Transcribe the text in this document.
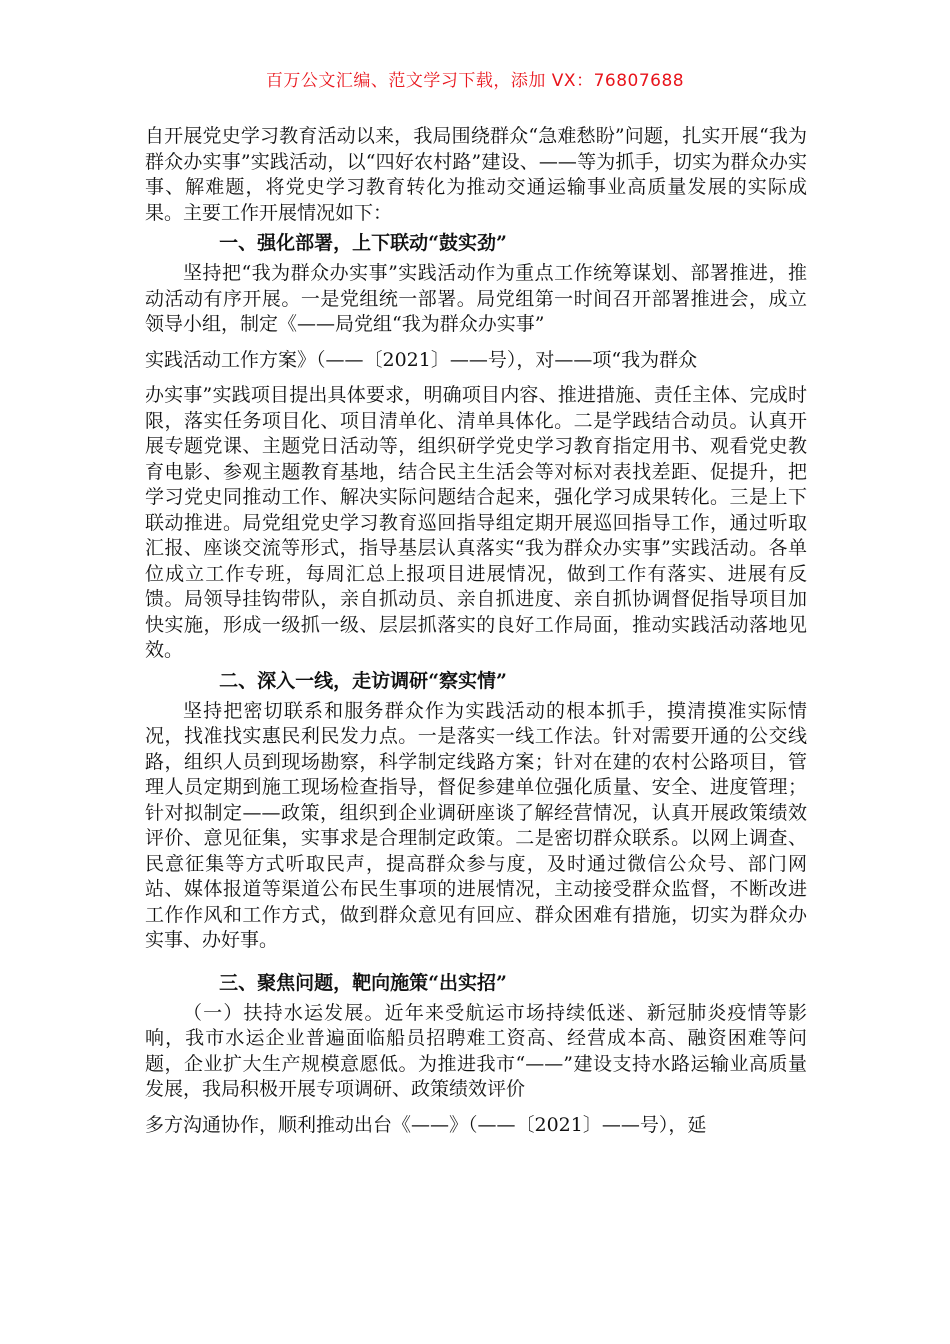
百万公文汇编、范文学习下载，添加 VX：76807688

自开展党史学习教育活动以来，我局围绕群众“急难愁盼”问题，扎实开展“我为群众办实事”实践活动，以“四好农村路”建设、——等为抓手，切实为群众办实事、解难题，将党史学习教育转化为推动交通运输事业高质量发展的实际成果。主要工作开展情况如下：

一、强化部署，上下联动“鼓实劲”

坚持把“我为群众办实事”实践活动作为重点工作统筹谋划、部署推进，推动活动有序开展。一是党组统一部署。局党组第一时间召开部署推进会，成立领导小组，制定《——局党组“我为群众办实事”

实践活动工作方案》（——〔2021〕——号），对——项“我为群众

办实事”实践项目提出具体要求，明确项目内容、推进措施、责任主体、完成时限，落实任务项目化、项目清单化、清单具体化。二是学践结合动员。认真开展专题党课、主题党日活动等，组织研学党史学习教育指定用书、观看党史教育电影、参观主题教育基地，结合民主生活会等对标对表找差距、促提升，把学习党史同推动工作、解决实际问题结合起来，强化学习成果转化。三是上下联动推进。局党组党史学习教育巡回指导组定期开展巡回指导工作，通过听取汇报、座谈交流等形式，指导基层认真落实“我为群众办实事”实践活动。各单位成立工作专班，每周汇总上报项目进展情况，做到工作有落实、进展有反馈。局领导挂钩带队，亲自抓动员、亲自抓进度、亲自抓协调督促指导项目加快实施，形成一级抓一级、层层抓落实的良好工作局面，推动实践活动落地见效。

二、深入一线，走访调研“察实情”

坚持把密切联系和服务群众作为实践活动的根本抓手，摸清摸准实际情况，找准找实惠民利民发力点。一是落实一线工作法。针对需要开通的公交线路，组织人员到现场勘察，科学制定线路方案；针对在建的农村公路项目，管理人员定期到施工现场检查指导，督促参建单位强化质量、安全、进度管理；针对拟制定——政策，组织到企业调研座谈了解经营情况，认真开展政策绩效评价、意见征集，实事求是合理制定政策。二是密切群众联系。以网上调查、民意征集等方式听取民声，提高群众参与度，及时通过微信公众号、部门网站、媒体报道等渠道公布民生事项的进展情况，主动接受群众监督，不断改进工作作风和工作方式，做到群众意见有回应、群众困难有措施，切实为群众办实事、办好事。

三、聚焦问题，靶向施策“出实招”

（一）扶持水运发展。近年来受航运市场持续低迷、新冠肺炎疫情等影响，我市水运企业普遍面临船员招聘难工资高、经营成本高、融资困难等问题，企业扩大生产规模意愿低。为推进我市“——”建设支持水路运输业高质量发展，我局积极开展专项调研、政策绩效评价

多方沟通协作，顺利推动出台《——》（——〔2021〕——号），延
